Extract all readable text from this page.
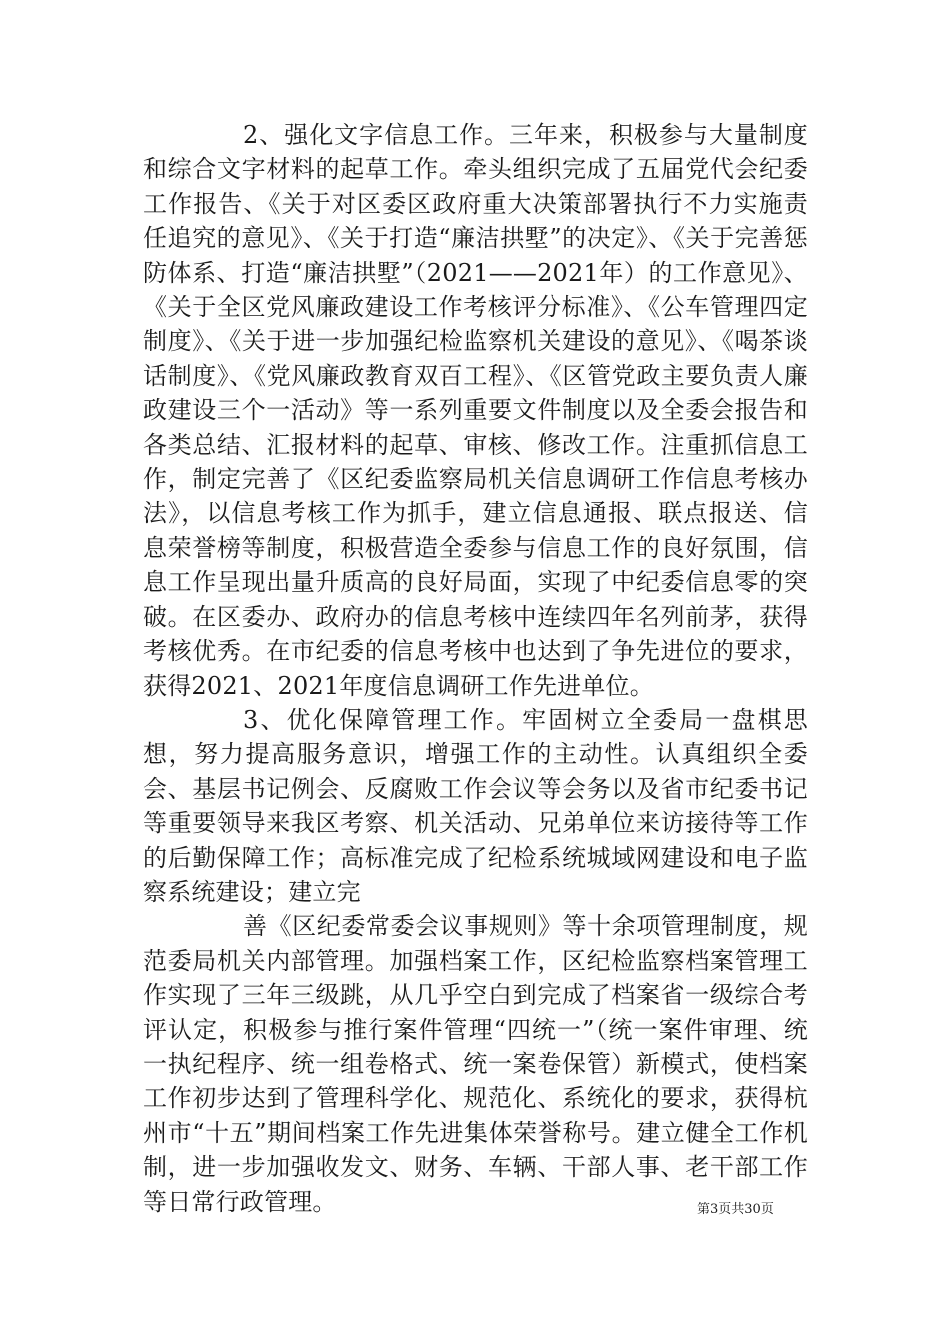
2、强化文字信息工作。三年来，积极参与大量制度和综合文字材料的起草工作。牵头组织完成了五届党代会纪委工作报告、《关于对区委区政府重大决策部署执行不力实施责任追究的意见》、《关于打造“廉洁拱墅”的决定》、《关于完善惩防体系、打造“廉洁拱墅”（2021——2021年）的工作意见》、《关于全区党风廉政建设工作考核评分标准》、《公车管理四定制度》、《关于进一步加强纪检监察机关建设的意见》、《喝茶谈话制度》、《党风廉政教育双百工程》、《区管党政主要负责人廉政建设三个一活动》等一系列重要文件制度以及全委会报告和各类总结、汇报材料的起草、审核、修改工作。注重抓信息工作，制定完善了《区纪委监察局机关信息调研工作信息考核办法》，以信息考核工作为抓手，建立信息通报、联点报送、信息荣誉榜等制度，积极营造全委参与信息工作的良好氛围，信息工作呈现出量升质高的良好局面，实现了中纪委信息零的突破。在区委办、政府办的信息考核中连续四年名列前茅，获得考核优秀。在市纪委的信息考核中也达到了争先进位的要求，获得2021、2021年度信息调研工作先进单位。

3、优化保障管理工作。牢固树立全委局一盘棋思想，努力提高服务意识，增强工作的主动性。认真组织全委会、基层书记例会、反腐败工作会议等会务以及省市纪委书记等重要领导来我区考察、机关活动、兄弟单位来访接待等工作的后勤保障工作；高标准完成了纪检系统城域网建设和电子监察系统建设；建立完

善《区纪委常委会议事规则》等十余项管理制度，规范委局机关内部管理。加强档案工作，区纪检监察档案管理工作实现了三年三级跳，从几乎空白到完成了档案省一级综合考评认定，积极参与推行案件管理“四统一”（统一案件审理、统一执纪程序、统一组卷格式、统一案卷保管）新模式，使档案工作初步达到了管理科学化、规范化、系统化的要求，获得杭州市“十五”期间档案工作先进集体荣誉称号。建立健全工作机制，进一步加强收发文、财务、车辆、干部人事、老干部工作等日常行政管理。	第3页共30页
